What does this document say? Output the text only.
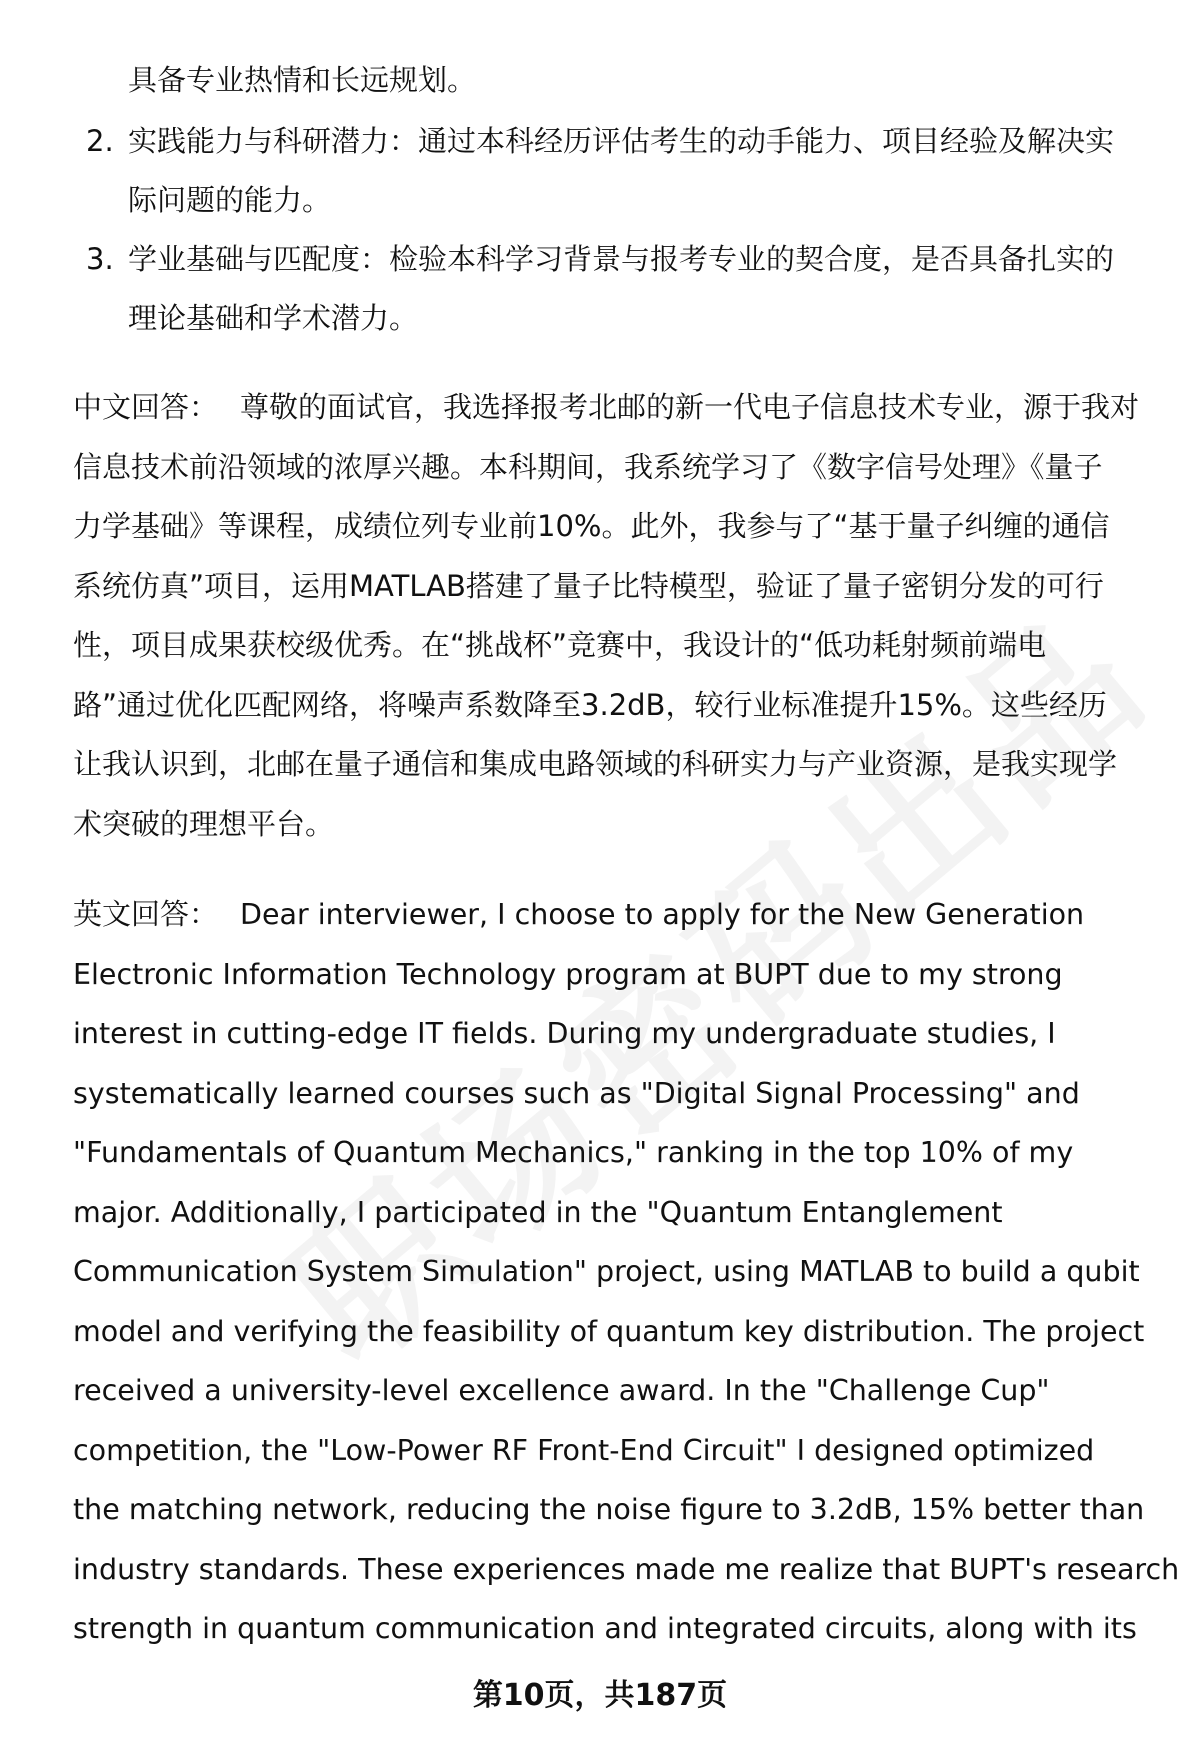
具备专业热情和长远规划。
2. 实践能力与科研潜力：通过本科经历评估考生的动手能力、项目经验及解决实
际问题的能力。
3. 学业基础与匹配度：检验本科学习背景与报考专业的契合度，是否具备扎实的
理论基础和学术潜力。
中文回答： 尊敬的面试官，我选择报考北邮的新一代电子信息技术专业，源于我对
信息技术前沿领域的浓厚兴趣。本科期间，我系统学习了《数字信号处理》《量子
力学基础》等课程，成绩位列专业前10%。此外，我参与了“基于量子纠缠的通信
系统仿真”项目，运用MATLAB搭建了量子比特模型，验证了量子密钥分发的可行
性，项目成果获校级优秀。在“挑战杯”竞赛中，我设计的“低功耗射频前端电
路”通过优化匹配网络，将噪声系数降至3.2dB，较行业标准提升15%。这些经历
让我认识到，北邮在量子通信和集成电路领域的科研实力与产业资源，是我实现学
术突破的理想平台。
英文回答： Dear interviewer, I choose to apply for the New Generation
Electronic Information Technology program at BUPT due to my strong
interest in cutting-edge IT fields. During my undergraduate studies, I
systematically learned courses such as "Digital Signal Processing" and
"Fundamentals of Quantum Mechanics," ranking in the top 10% of my
major. Additionally, I participated in the "Quantum Entanglement
Communication System Simulation" project, using MATLAB to build a qubit
model and verifying the feasibility of quantum key distribution. The project
received a university-level excellence award. In the "Challenge Cup"
competition, the "Low-Power RF Front-End Circuit" I designed optimized
the matching network, reducing the noise figure to 3.2dB, 15% better than
industry standards. These experiences made me realize that BUPT's research
strength in quantum communication and integrated circuits, along with its
第10页，共187页
